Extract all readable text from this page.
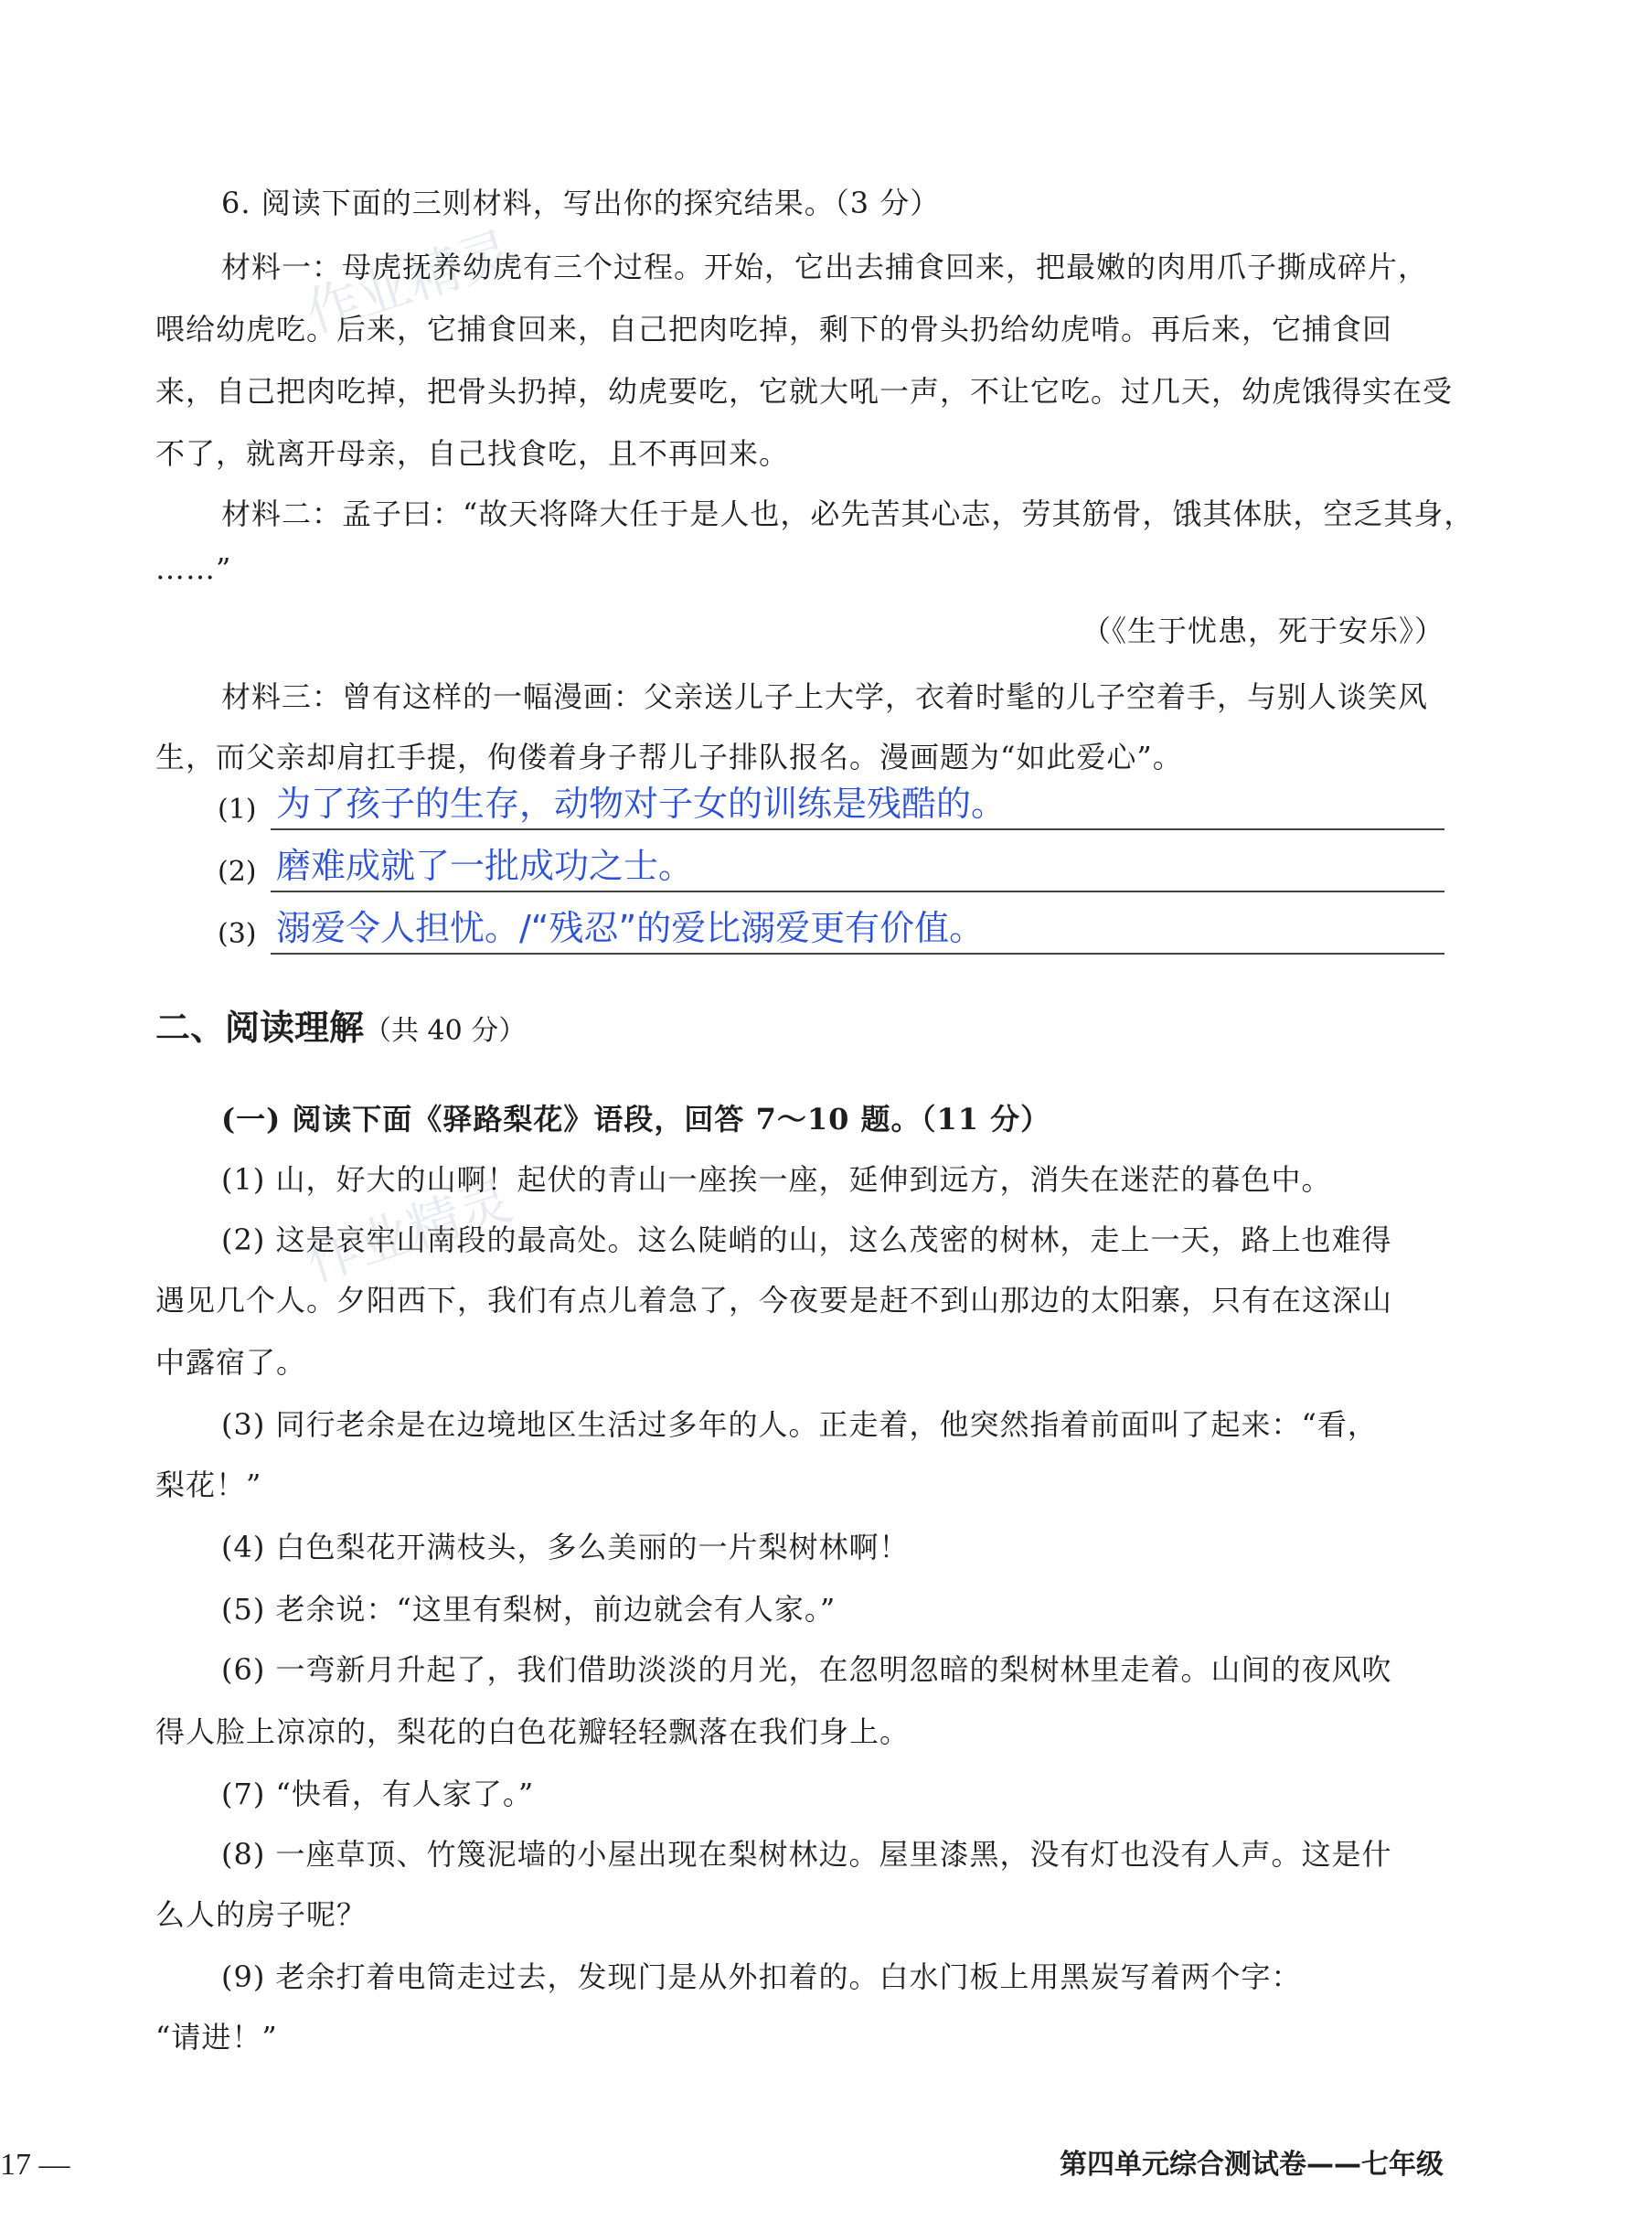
作业精灵
作业精灵
6. 阅读下面的三则材料，写出你的探究结果。（3 分）
材料一：母虎抚养幼虎有三个过程。开始，它出去捕食回来，把最嫩的肉用爪子撕成碎片，
喂给幼虎吃。后来，它捕食回来，自己把肉吃掉，剩下的骨头扔给幼虎啃。再后来，它捕食回
来，自己把肉吃掉，把骨头扔掉，幼虎要吃，它就大吼一声，不让它吃。过几天，幼虎饿得实在受
不了，就离开母亲，自己找食吃，且不再回来。
材料二：孟子曰：“故天将降大任于是人也，必先苦其心志，劳其筋骨，饿其体肤，空乏其身，
……”
（《生于忧患，死于安乐》）
材料三：曾有这样的一幅漫画：父亲送儿子上大学，衣着时髦的儿子空着手，与别人谈笑风
生，而父亲却肩扛手提，佝偻着身子帮儿子排队报名。漫画题为“如此爱心”。
(1) 为了孩子的生存，动物对子女的训练是残酷的。
(2) 磨难成就了一批成功之士。
(3) 溺爱令人担忧。/“残忍”的爱比溺爱更有价值。
二、阅读理解（共 40 分）
(一) 阅读下面《驿路梨花》语段，回答 7～10 题。（11 分）
(1) 山，好大的山啊！起伏的青山一座挨一座，延伸到远方，消失在迷茫的暮色中。
(2) 这是哀牢山南段的最高处。这么陡峭的山，这么茂密的树林，走上一天，路上也难得
遇见几个人。夕阳西下，我们有点儿着急了，今夜要是赶不到山那边的太阳寨，只有在这深山
中露宿了。
(3) 同行老余是在边境地区生活过多年的人。正走着，他突然指着前面叫了起来：“看，
梨花！”
(4) 白色梨花开满枝头，多么美丽的一片梨树林啊！
(5) 老余说：“这里有梨树，前边就会有人家。”
(6) 一弯新月升起了，我们借助淡淡的月光，在忽明忽暗的梨树林里走着。山间的夜风吹
得人脸上凉凉的，梨花的白色花瓣轻轻飘落在我们身上。
(7) “快看，有人家了。”
(8) 一座草顶、竹篾泥墙的小屋出现在梨树林边。屋里漆黑，没有灯也没有人声。这是什
么人的房子呢？
(9) 老余打着电筒走过去，发现门是从外扣着的。白水门板上用黑炭写着两个字：
“请进！”
17 —	第四单元综合测试卷——七年级
